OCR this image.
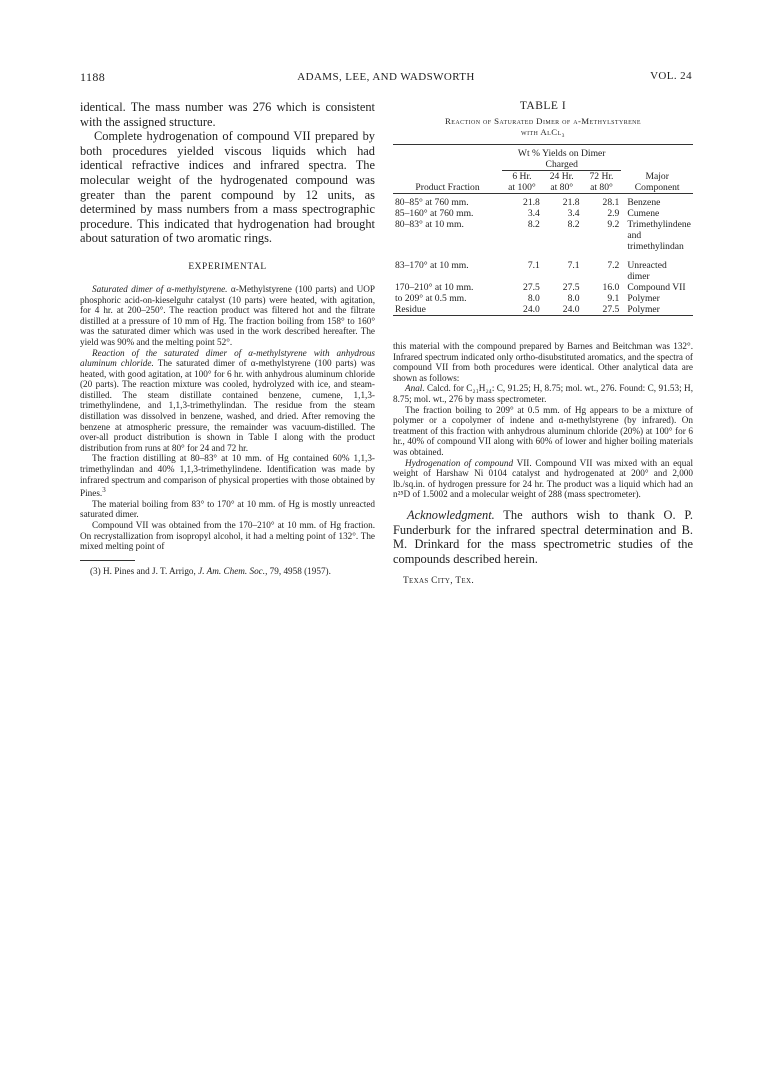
1188	ADAMS, LEE, AND WADSWORTH	VOL. 24

identical. The mass number was 276 which is consistent with the assigned structure.

Complete hydrogenation of compound VII prepared by both procedures yielded viscous liquids which had identical refractive indices and infrared spectra. The molecular weight of the hydrogenated compound was greater than the parent compound by 12 units, as determined by mass numbers from a mass spectrographic procedure. This indicated that hydrogenation had brought about saturation of two aromatic rings.

EXPERIMENTAL

Saturated dimer of α-methylstyrene. α-Methylstyrene (100 parts) and UOP phosphoric acid-on-kieselguhr catalyst (10 parts) were heated, with agitation, for 4 hr. at 200–250°. The reaction product was filtered hot and the filtrate distilled at a pressure of 10 mm of Hg. The fraction boiling from 158° to 160° was the saturated dimer which was used in the work described hereafter. The yield was 90% and the melting point 52°.

Reaction of the saturated dimer of α-methylstyrene with anhydrous aluminum chloride. The saturated dimer of α-methylstyrene (100 parts) was heated, with good agitation, at 100° for 6 hr. with anhydrous aluminum chloride (20 parts). The reaction mixture was cooled, hydrolyzed with ice, and steam-distilled. The steam distillate contained benzene, cumene, 1,1,3-trimethylindene, and 1,1,3-trimethylindan. The residue from the steam distillation was dissolved in benzene, washed, and dried. After removing the benzene at atmospheric pressure, the remainder was vacuum-distilled. The over-all product distribution is shown in Table I along with the product distribution from runs at 80° for 24 and 72 hr.

The fraction distilling at 80–83° at 10 mm. of Hg contained 60% 1,1,3-trimethylindan and 40% 1,1,3-trimethylindene. Identification was made by infrared spectrum and comparison of physical properties with those obtained by Pines.$^3$

The material boiling from 83° to 170° at 10 mm. of Hg is mostly unreacted saturated dimer.

Compound VII was obtained from the 170–210° at 10 mm. of Hg fraction. On recrystallization from isopropyl alcohol, it had a melting point of 132°. The mixed melting point of

(3) H. Pines and J. T. Arrigo, J. Am. Chem. Soc., 79, 4958 (1957).

TABLE I
Reaction of Saturated Dimer of α-Methylstyrene
with AlCl₃

	Wt % Yields on Dimer
Charged			

	6 Hr.	24 Hr.	72 Hr.	Major
Product Fraction	at 100°	at 80°	at 80°	Component

80–85° at 760 mm.	21.8	21.8	28.1	Benzene
85–160° at 760 mm.	3.4	3.4	2.9	Cumene
80–83° at 10 mm.	8.2	8.2	9.2	Trimethylindene and trimethylindan

83–170° at 10 mm.	7.1	7.1	7.2	Unreacted dimer
170–210° at 10 mm.	27.5	27.5	16.0	Compound VII
to 209° at 0.5 mm.	8.0	8.0	9.1	Polymer
Residue	24.0	24.0	27.5	Polymer

this material with the compound prepared by Barnes and Beitchman was 132°. Infrared spectrum indicated only ortho-disubstituted aromatics, and the spectra of compound VII from both procedures were identical. Other analytical data are shown as follows:

Anal. Calcd. for C₂₁H₂₄: C, 91.25; H, 8.75; mol. wt., 276. Found: C, 91.53; H, 8.75; mol. wt., 276 by mass spectrometer.

The fraction boiling to 209° at 0.5 mm. of Hg appears to be a mixture of polymer or a copolymer of indene and α-methylstyrene (by infrared). On treatment of this fraction with anhydrous aluminum chloride (20%) at 100° for 6 hr., 40% of compound VII along with 60% of lower and higher boiling materials was obtained.

Hydrogenation of compound VII. Compound VII was mixed with an equal weight of Harshaw Ni 0104 catalyst and hydrogenated at 200° and 2,000 lb./sq.in. of hydrogen pressure for 24 hr. The product was a liquid which had an n²⁵D of 1.5002 and a molecular weight of 288 (mass spectrometer).

Acknowledgment. The authors wish to thank O. P. Funderburk for the infrared spectral determination and B. M. Drinkard for the mass spectrometric studies of the compounds described herein.

Texas City, Tex.
